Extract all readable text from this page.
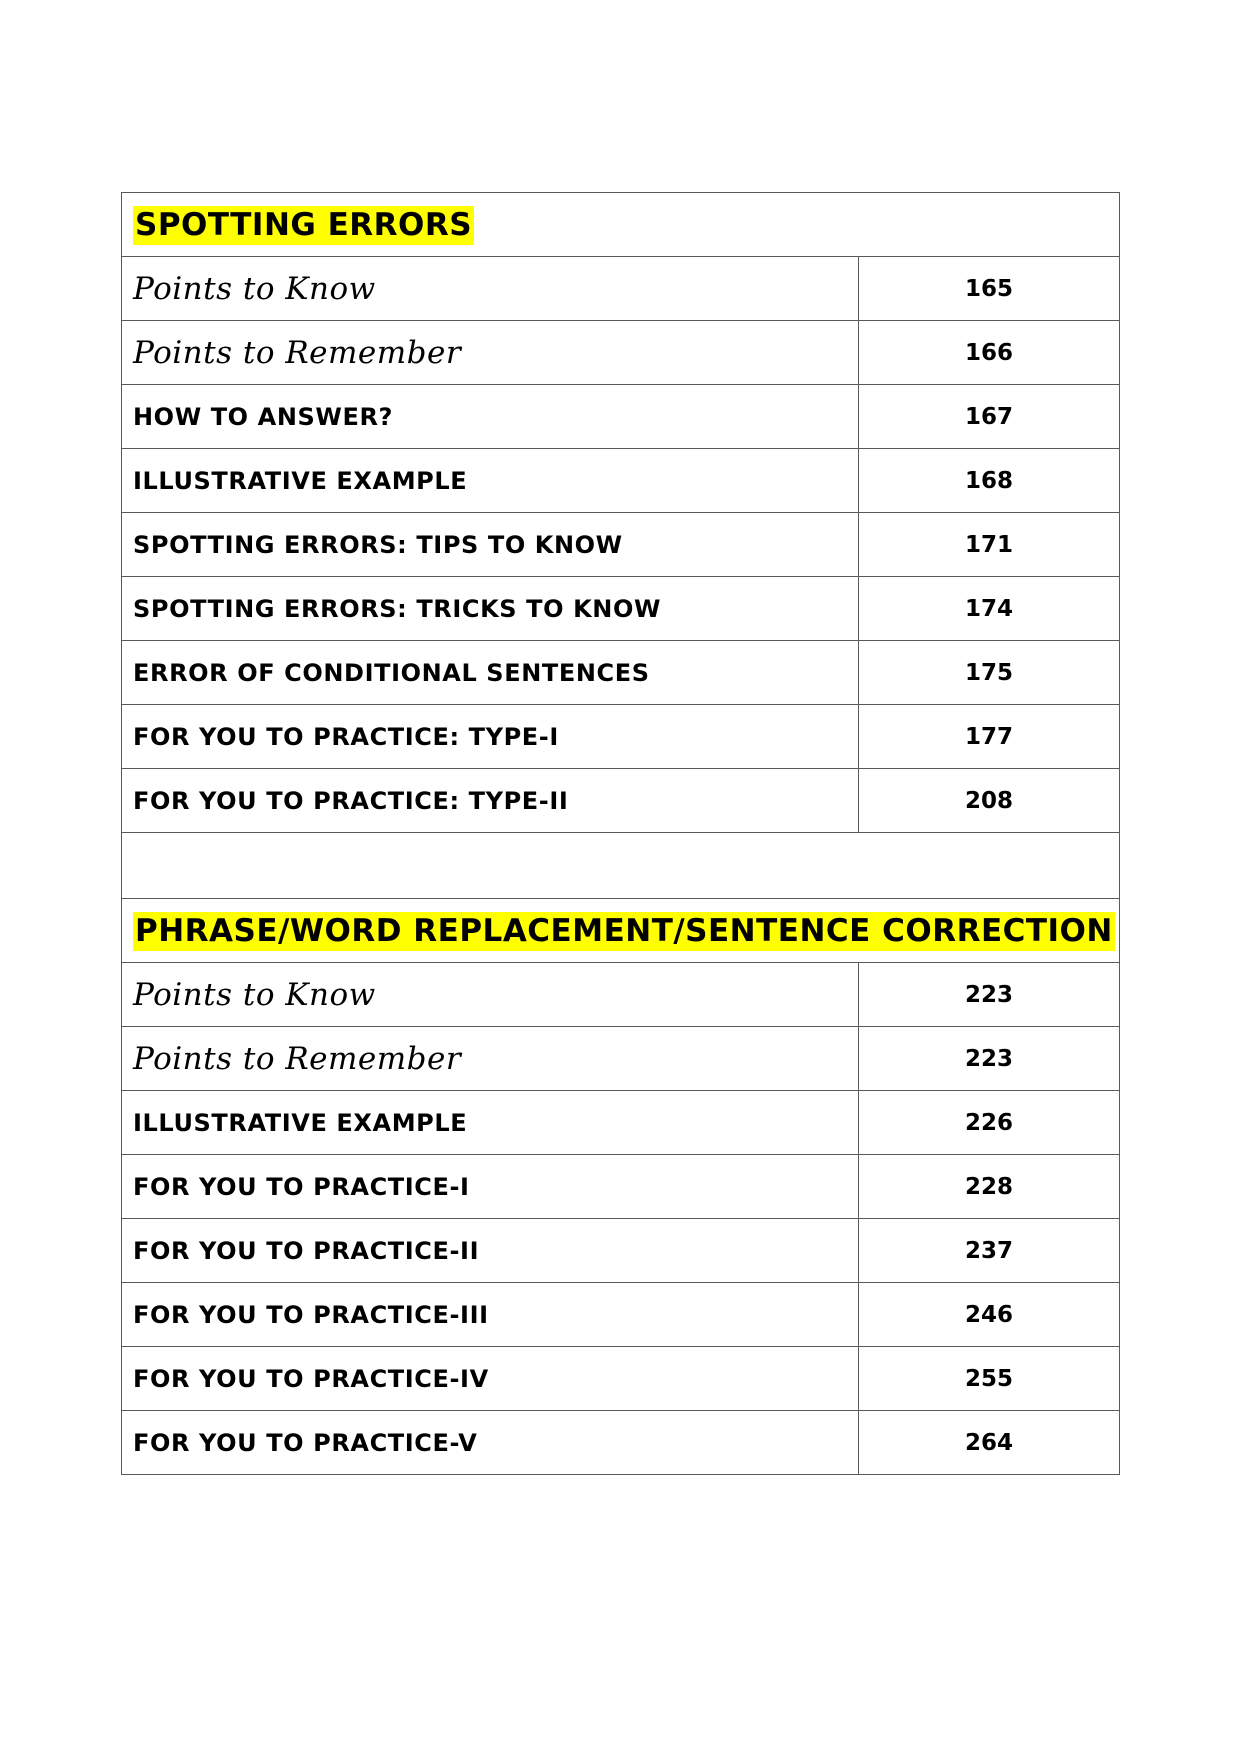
SPOTTING ERRORS	
Points to Know	165
Points to Remember	166
HOW TO ANSWER?	167
ILLUSTRATIVE EXAMPLE	168
SPOTTING ERRORS: TIPS TO KNOW	171
SPOTTING ERRORS: TRICKS TO KNOW	174
ERROR OF CONDITIONAL SENTENCES	175
FOR YOU TO PRACTICE: TYPE-I	177
FOR YOU TO PRACTICE: TYPE-II	208

PHRASE/WORD REPLACEMENT/SENTENCE CORRECTION	
Points to Know	223
Points to Remember	223
ILLUSTRATIVE EXAMPLE	226
FOR YOU TO PRACTICE-I	228
FOR YOU TO PRACTICE-II	237
FOR YOU TO PRACTICE-III	246
FOR YOU TO PRACTICE-IV	255
FOR YOU TO PRACTICE-V	264
